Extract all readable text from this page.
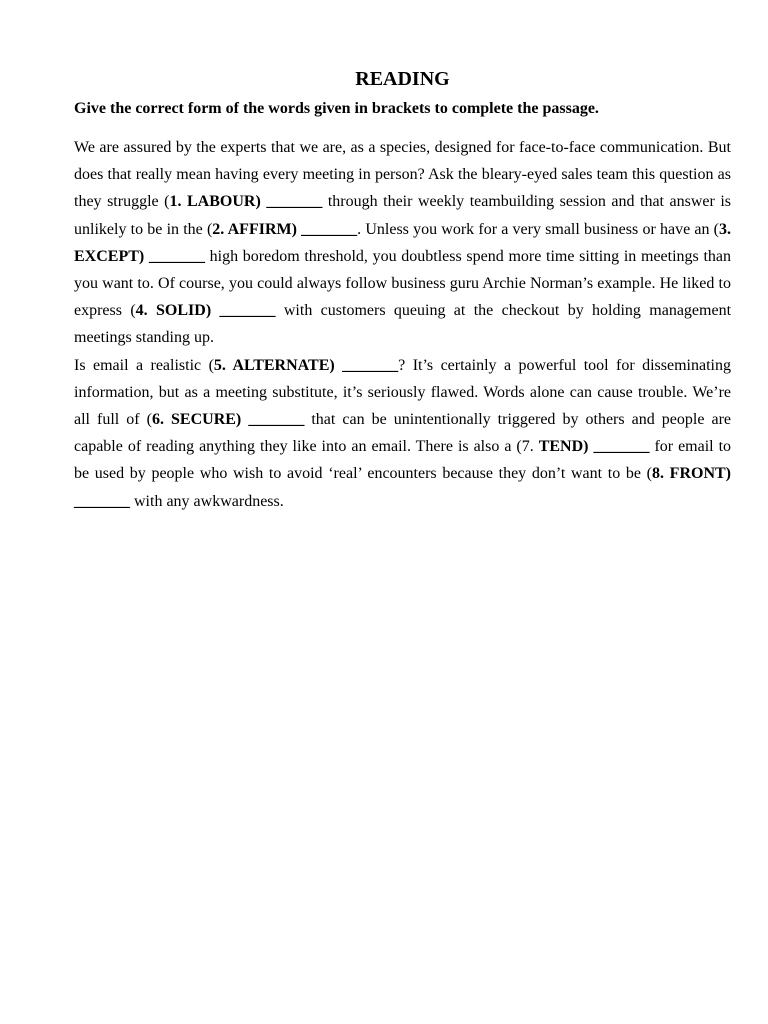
READING

Give the correct form of the words given in brackets to complete the passage.

We are assured by the experts that we are, as a species, designed for face-to-face communication. But does that really mean having every meeting in person? Ask the bleary-eyed sales team this question as they struggle (1. LABOUR) _______ through their weekly teambuilding session and that answer is unlikely to be in the (2. AFFIRM) _______. Unless you work for a very small business or have an (3. EXCEPT) _______ high boredom threshold, you doubtless spend more time sitting in meetings than you want to. Of course, you could always follow business guru Archie Norman’s example. He liked to express (4. SOLID) _______ with customers queuing at the checkout by holding management meetings standing up.

Is email a realistic (5. ALTERNATE) _______? It’s certainly a powerful tool for disseminating information, but as a meeting substitute, it’s seriously flawed. Words alone can cause trouble. We’re all full of (6. SECURE) _______ that can be unintentionally triggered by others and people are capable of reading anything they like into an email. There is also a (7. TEND) _______ for email to be used by people who wish to avoid ‘real’ encounters because they don’t want to be (8. FRONT) _______ with any awkwardness.
